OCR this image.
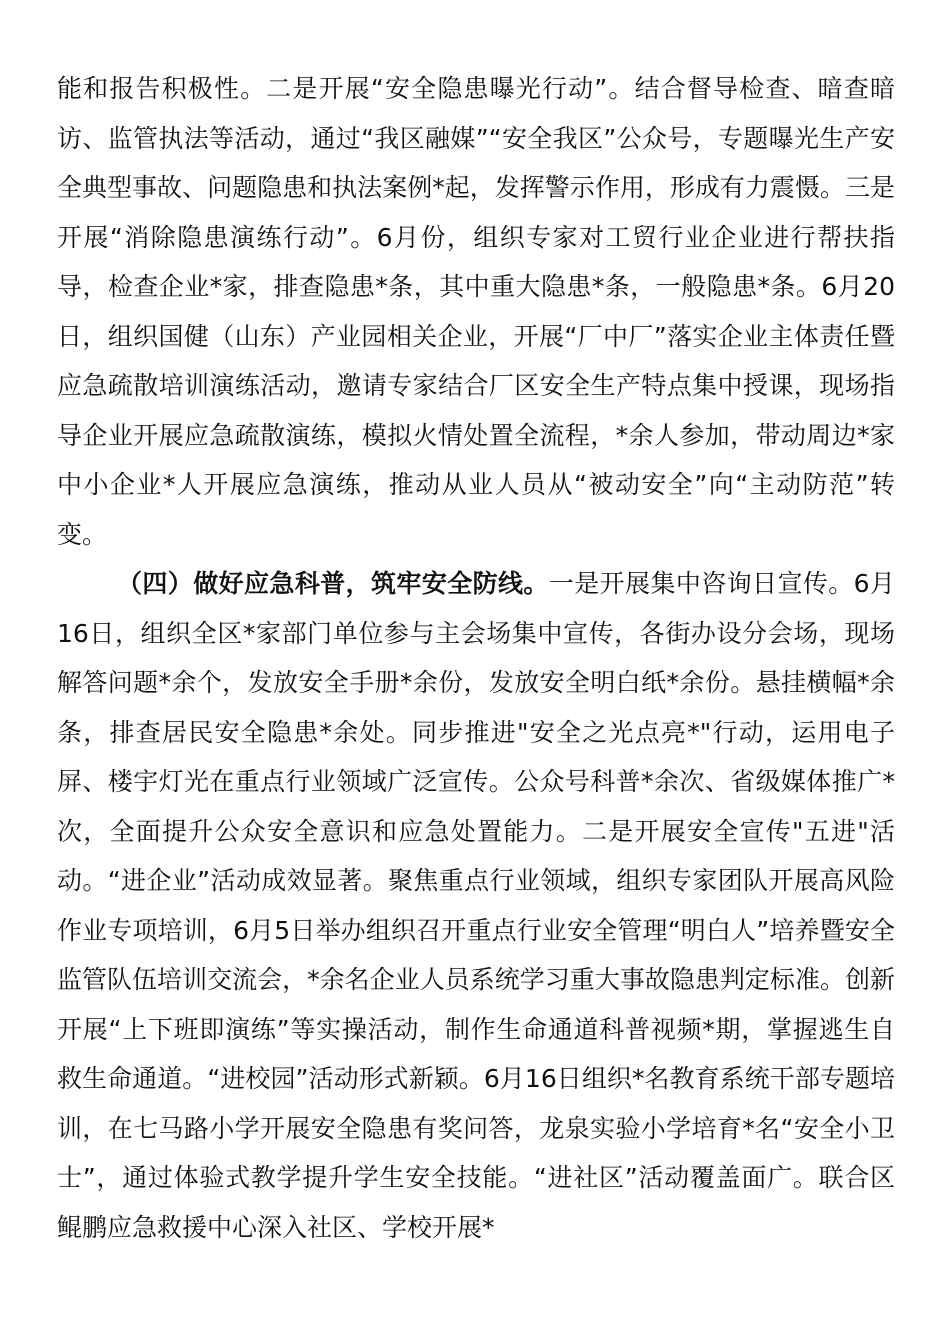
能和报告积极性。二是开展“安全隐患曝光行动”。结合督导检查、暗查暗访、监管执法等活动，通过“我区融媒”“安全我区”公众号，专题曝光生产安全典型事故、问题隐患和执法案例*起，发挥警示作用，形成有力震慑。三是开展“消除隐患演练行动”。6月份，组织专家对工贸行业企业进行帮扶指导，检查企业*家，排查隐患*条，其中重大隐患*条，一般隐患*条。6月20日，组织国健（山东）产业园相关企业，开展“厂中厂”落实企业主体责任暨应急疏散培训演练活动，邀请专家结合厂区安全生产特点集中授课，现场指导企业开展应急疏散演练，模拟火情处置全流程，*余人参加，带动周边*家中小企业*人开展应急演练，推动从业人员从“被动安全”向“主动防范”转变。

（四）做好应急科普，筑牢安全防线。

一是开展集中咨询日宣传。6月16日，组织全区*家部门单位参与主会场集中宣传，各街办设分会场，现场解答问题*余个，发放安全手册*余份，发放安全明白纸*余份。悬挂横幅*余条，排查居民安全隐患*余处。同步推进"安全之光点亮*"行动，运用电子屏、楼宇灯光在重点行业领域广泛宣传。公众号科普*余次、省级媒体推广*次，全面提升公众安全意识和应急处置能力。二是开展安全宣传"五进"活动。“进企业”活动成效显著。聚焦重点行业领域，组织专家团队开展高风险作业专项培训，6月5日举办组织召开重点行业安全管理“明白人”培养暨安全监管队伍培训交流会，*余名企业人员系统学习重大事故隐患判定标准。创新开展“上下班即演练”等实操活动，制作生命通道科普视频*期，掌握逃生自救生命通道。“进校园”活动形式新颖。6月16日组织*名教育系统干部专题培训，在七马路小学开展安全隐患有奖问答，龙泉实验小学培育*名“安全小卫士”，通过体验式教学提升学生安全技能。“进社区”活动覆盖面广。联合区鲲鹏应急救援中心深入社区、学校开展*
